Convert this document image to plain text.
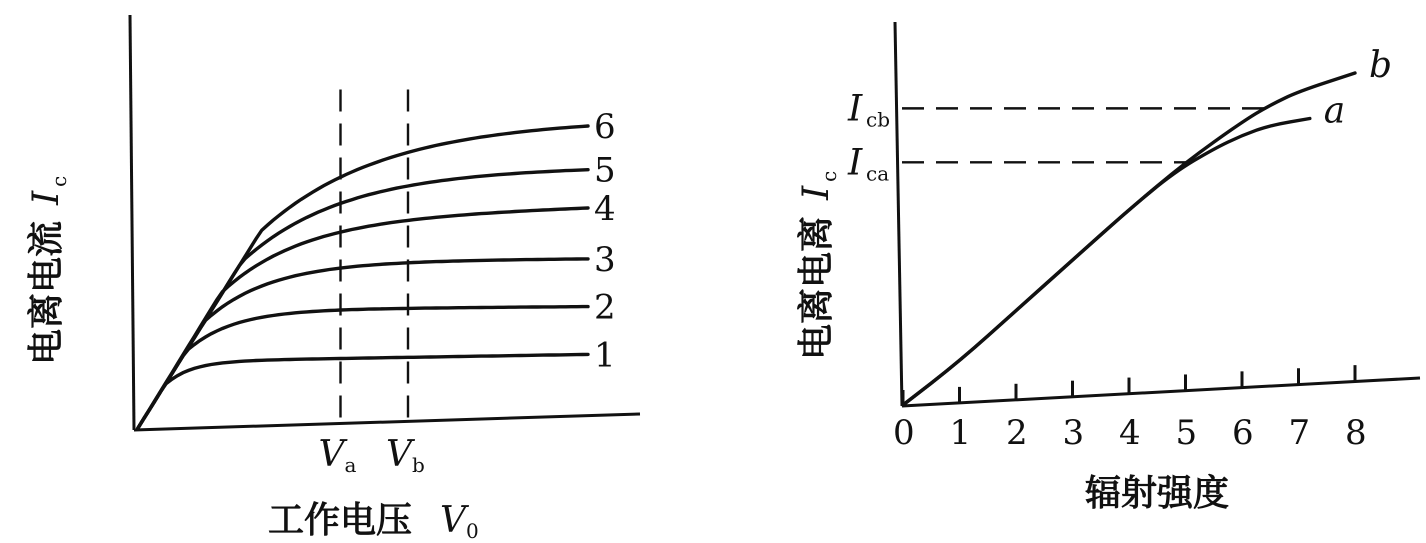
电离电流
I
c
工作电压 V 0
V a V b
1
2
3
4
5
6
电离电离
I
c
辐射强度
0 1 2 3 4 5 6 7 8
I cb
I ca
a
b
